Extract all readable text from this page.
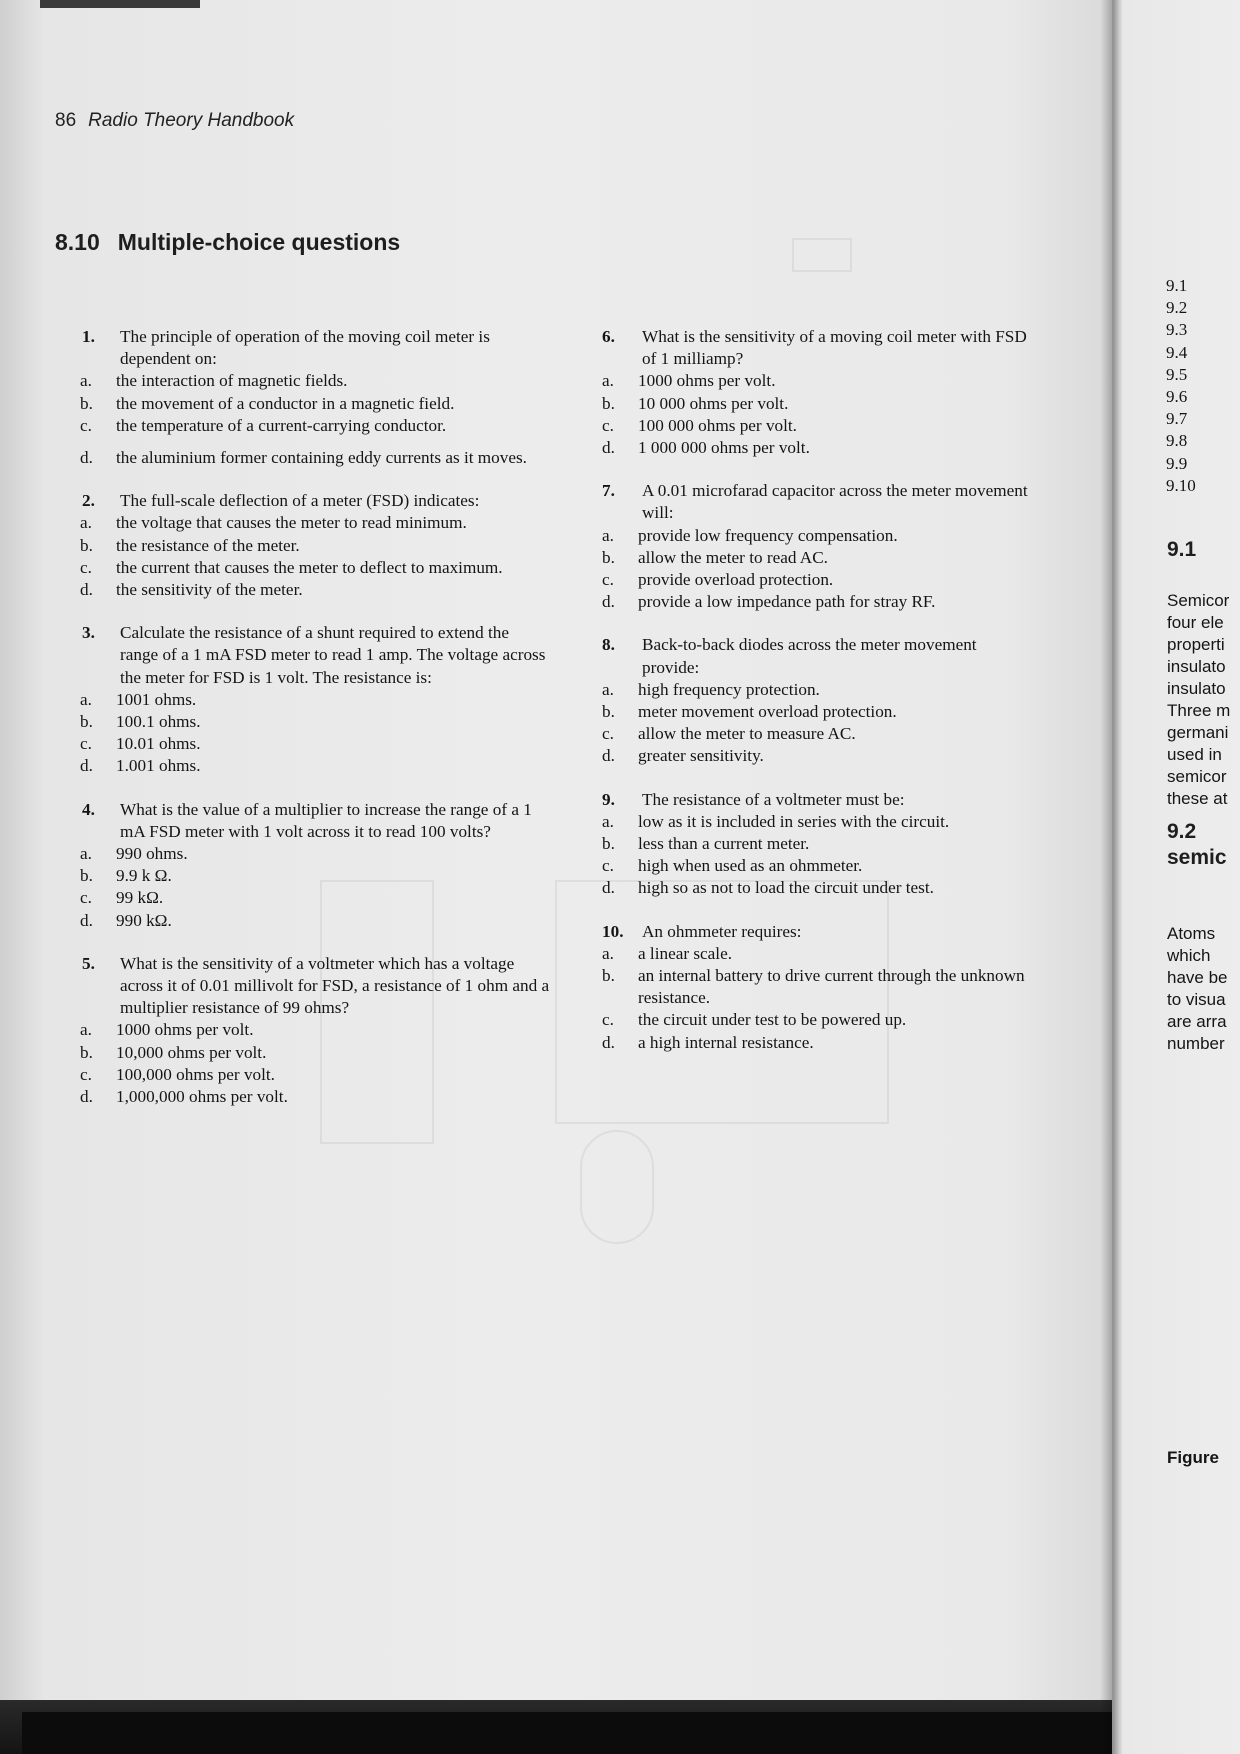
86 Radio Theory Handbook
8.10 Multiple-choice questions
1.	The principle of operation of the moving coil meter is dependent on:
a.	the interaction of magnetic fields.
b.	the movement of a conductor in a magnetic field.
c.	the temperature of a current-carrying conductor.
d.	the aluminium former containing eddy currents as it moves.
2.	The full-scale deflection of a meter (FSD) indicates:
a.	the voltage that causes the meter to read minimum.
b.	the resistance of the meter.
c.	the current that causes the meter to deflect to maximum.
d.	the sensitivity of the meter.
3.	Calculate the resistance of a shunt required to extend the range of a 1 mA FSD meter to read 1 amp. The voltage across the meter for FSD is 1 volt. The resistance is:
a.	1001 ohms.
b.	100.1 ohms.
c.	10.01 ohms.
d.	1.001 ohms.
4.	What is the value of a multiplier to increase the range of a 1 mA FSD meter with 1 volt across it to read 100 volts?
a.	990 ohms.
b.	9.9 k Ω.
c.	99 kΩ.
d.	990 kΩ.
5.	What is the sensitivity of a voltmeter which has a voltage across it of 0.01 millivolt for FSD, a resistance of 1 ohm and a multiplier resistance of 99 ohms?
a.	1000 ohms per volt.
b.	10,000 ohms per volt.
c.	100,000 ohms per volt.
d.	1,000,000 ohms per volt.
6.	What is the sensitivity of a moving coil meter with FSD of 1 milliamp?
a.	1000 ohms per volt.
b.	10 000 ohms per volt.
c.	100 000 ohms per volt.
d.	1 000 000 ohms per volt.
7.	A 0.01 microfarad capacitor across the meter movement will:
a.	provide low frequency compensation.
b.	allow the meter to read AC.
c.	provide overload protection.
d.	provide a low impedance path for stray RF.
8.	Back-to-back diodes across the meter movement provide:
a.	high frequency protection.
b.	meter movement overload protection.
c.	allow the meter to measure AC.
d.	greater sensitivity.
9.	The resistance of a voltmeter must be:
a.	low as it is included in series with the circuit.
b.	less than a current meter.
c.	high when used as an ohmmeter.
d.	high so as not to load the circuit under test.
10.	An ohmmeter requires:
a.	a linear scale.
b.	an internal battery to drive current through the unknown resistance.
c.	the circuit under test to be powered up.
d.	a high internal resistance.
9.1
9.2
9.3
9.4
9.5
9.6
9.7
9.8
9.9
9.10
9.1
Semicor
four ele
properti
insulato
insulato
Three m
germani
used in
semicor
these at
9.2
semic
Atoms
which
have be
to visua
are arra
number
Figure
